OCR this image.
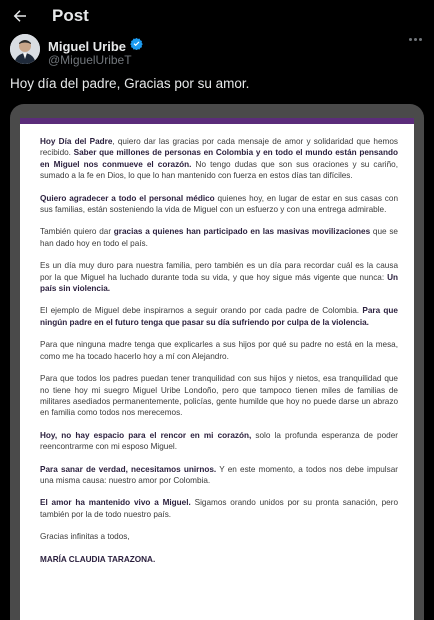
Post
Miguel Uribe
@MiguelUribeT
Hoy día del padre, Gracias por su amor.

Hoy Día del Padre, quiero dar las gracias por cada mensaje de amor y solidaridad que hemos recibido. Saber que millones de personas en Colombia y en todo el mundo están pensando en Miguel nos conmueve el corazón. No tengo dudas que son sus oraciones y su cariño, sumado a la fe en Dios, lo que lo han mantenido con fuerza en estos días tan difíciles.

Quiero agradecer a todo el personal médico quienes hoy, en lugar de estar en sus casas con sus familias, están sosteniendo la vida de Miguel con un esfuerzo y con una entrega admirable.

También quiero dar gracias a quienes han participado en las masivas movilizaciones que se han dado hoy en todo el país.

Es un día muy duro para nuestra familia, pero también es un día para recordar cuál es la causa por la que Miguel ha luchado durante toda su vida, y que hoy sigue más vigente que nunca: Un país sin violencia.

El ejemplo de Miguel debe inspirarnos a seguir orando por cada padre de Colombia. Para que ningún padre en el futuro tenga que pasar su día sufriendo por culpa de la violencia.

Para que ninguna madre tenga que explicarles a sus hijos por qué su padre no está en la mesa, como me ha tocado hacerlo hoy a mí con Alejandro.

Para que todos los padres puedan tener tranquilidad con sus hijos y nietos, esa tranquilidad que no tiene hoy mi suegro Miguel Uribe Londoño, pero que tampoco tienen miles de familias de militares asediados permanentemente, policías, gente humilde que hoy no puede darse un abrazo en familia como todos nos merecemos.

Hoy, no hay espacio para el rencor en mi corazón, solo la profunda esperanza de poder reencontrarme con mi esposo Miguel.

Para sanar de verdad, necesitamos unirnos. Y en este momento, a todos nos debe impulsar una misma causa: nuestro amor por Colombia.

El amor ha mantenido vivo a Miguel. Sigamos orando unidos por su pronta sanación, pero también por la de todo nuestro país.

Gracias infinitas a todos,

MARÍA CLAUDIA TARAZONA.
